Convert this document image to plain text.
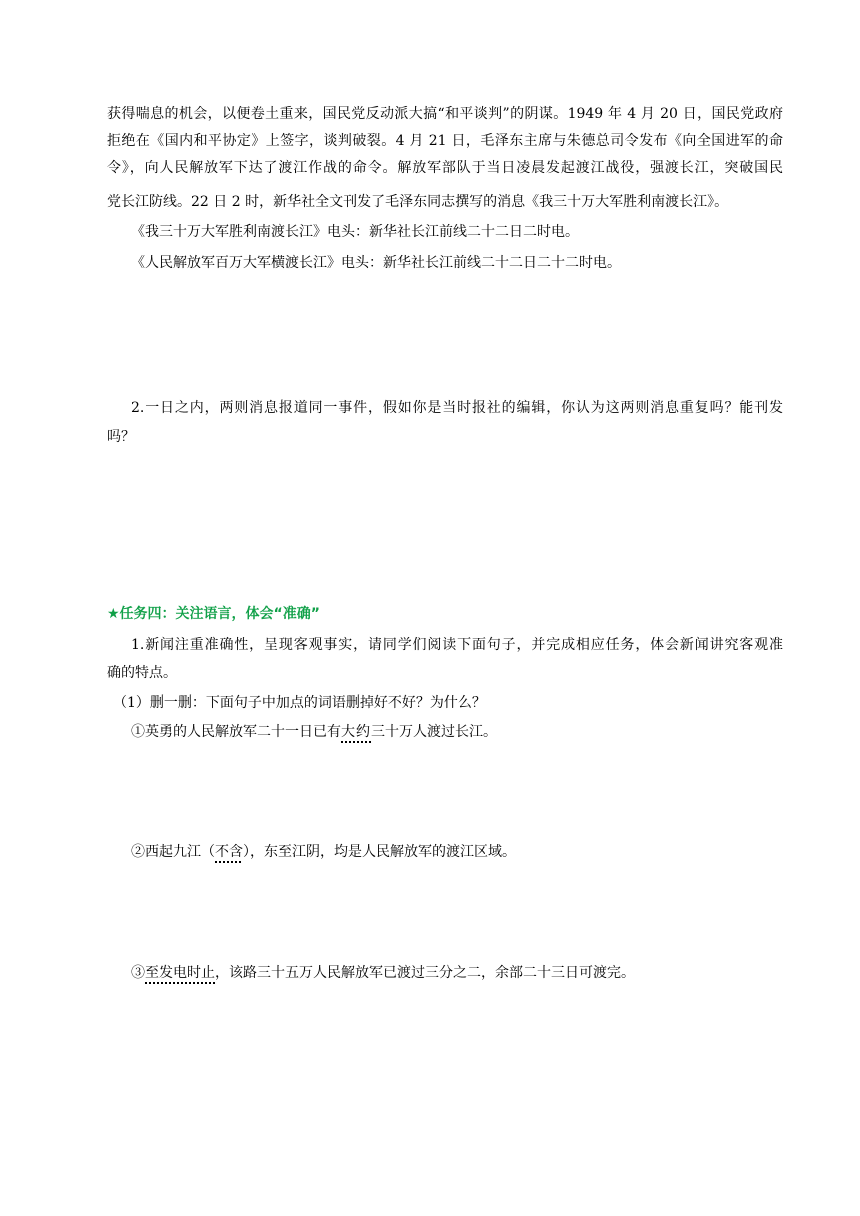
获得喘息的机会，以便卷土重来，国民党反动派大搞“和平谈判”的阴谋。1949 年 4 月 20 日，国民党政府
拒绝在《国内和平协定》上签字，谈判破裂。4 月 21 日，毛泽东主席与朱德总司令发布《向全国进军的命
令》，向人民解放军下达了渡江作战的命令。解放军部队于当日凌晨发起渡江战役，强渡长江，突破国民
党长江防线。22 日 2 时，新华社全文刊发了毛泽东同志撰写的消息《我三十万大军胜利南渡长江》。
《我三十万大军胜利南渡长江》电头：新华社长江前线二十二日二时电。
《人民解放军百万大军横渡长江》电头：新华社长江前线二十二日二十二时电。
2.一日之内，两则消息报道同一事件，假如你是当时报社的编辑，你认为这两则消息重复吗？能刊发
吗？
★任务四：关注语言，体会“准确”
1.新闻注重准确性，呈现客观事实，请同学们阅读下面句子，并完成相应任务，体会新闻讲究客观准
确的特点。
（1）删一删：下面句子中加点的词语删掉好不好？为什么？
①英勇的人民解放军二十一日已有大约三十万人渡过长江。
②西起九江（不含），东至江阴，均是人民解放军的渡江区域。
③至发电时止，该路三十五万人民解放军已渡过三分之二，余部二十三日可渡完。
